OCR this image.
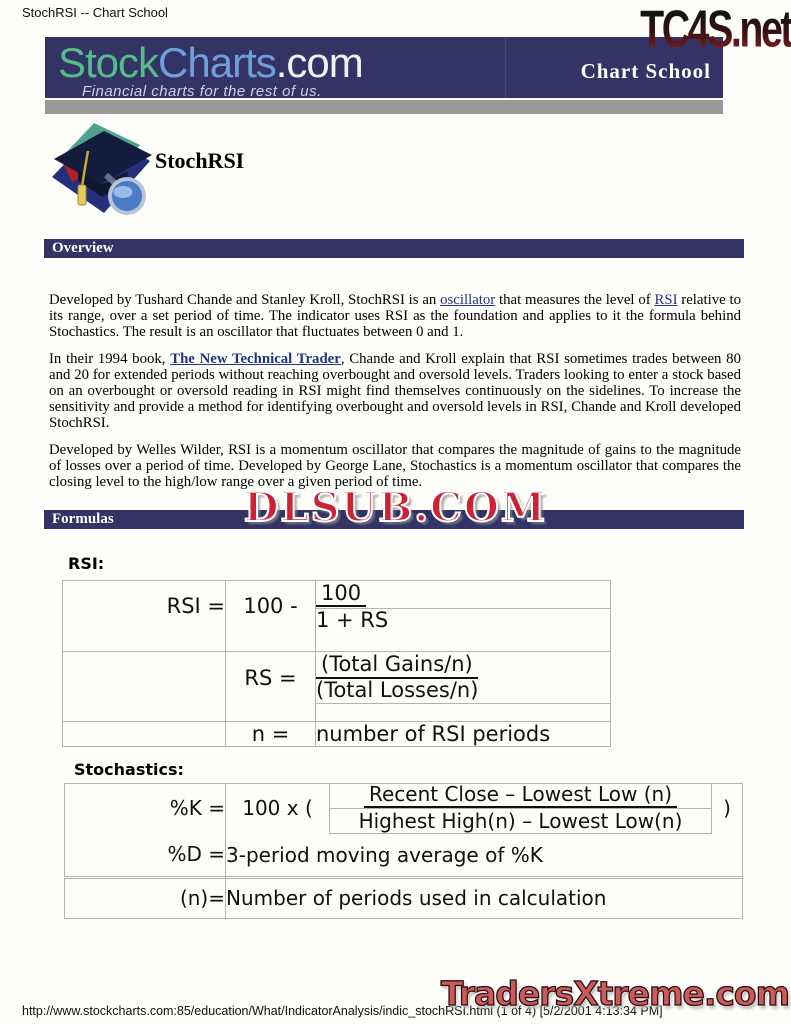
StochRSI -- Chart School	TC4S.net
StockCharts.com
Financial charts for the rest of us.
Chart School
StochRSI
Overview

Developed by Tushard Chande and Stanley Kroll, StochRSI is an oscillator that measures the level of RSI relative to its range, over a set period of time. The indicator uses RSI as the foundation and applies to it the formula behind Stochastics. The result is an oscillator that fluctuates between 0 and 1.

In their 1994 book, The New Technical Trader, Chande and Kroll explain that RSI sometimes trades between 80 and 20 for extended periods without reaching overbought and oversold levels. Traders looking to enter a stock based on an overbought or oversold reading in RSI might find themselves continuously on the sidelines. To increase the sensitivity and provide a method for identifying overbought and oversold levels in RSI, Chande and Kroll developed StochRSI.

Developed by Welles Wilder, RSI is a momentum oscillator that compares the magnitude of gains to the magnitude of losses over a period of time. Developed by George Lane, Stochastics is a momentum oscillator that compares the closing level to the high/low range over a given period of time.

Formulas	DLSUB.COM
RSI:
RSI =	100 -	100
		1 + RS

	RS =	(Total Gains/n)
		(Total Losses/n)

	n =	number of RSI periods
Stochastics:
%K =	100 x (	Recent Close – Lowest Low (n)	)
		Highest High(n) – Lowest Low(n)	
%D =	3-period moving average of %K		
(n)=	Number of periods used in calculation
TradersXtreme.com
http://www.stockcharts.com:85/education/What/IndicatorAnalysis/indic_stochRSI.html (1 of 4) [5/2/2001 4:13:34 PM]
